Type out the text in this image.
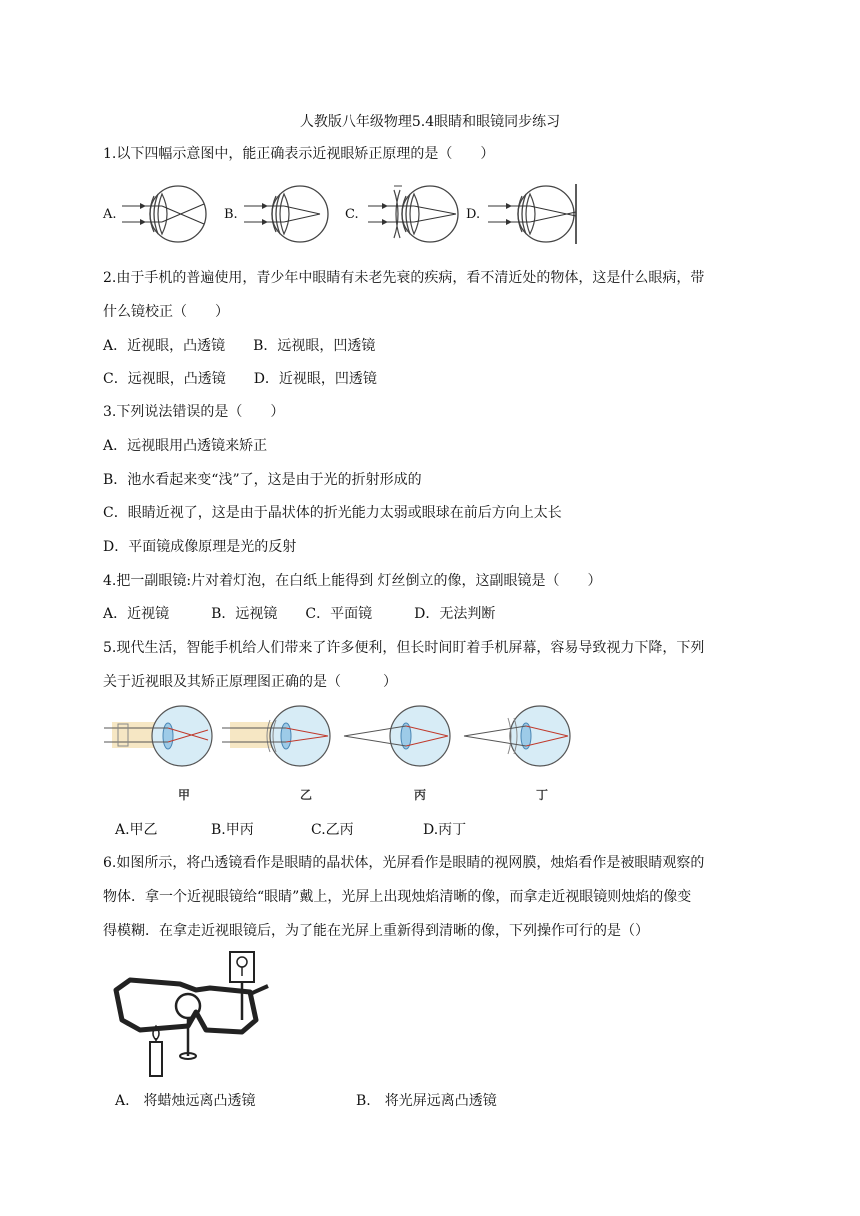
人教版八年级物理5.4眼睛和眼镜同步练习
1.以下四幅示意图中，能正确表示近视眼矫正原理的是（　　）
A.	B.	C.	D.
2.由于手机的普遍使用，青少年中眼睛有未老先衰的疾病，看不清近处的物体，这是什么眼病，带
什么镜校正（　　）
A．近视眼，凸透镜　　B．远视眼，凹透镜
C．远视眼，凸透镜　　D．近视眼，凹透镜
3.下列说法错误的是（　　）
A．远视眼用凸透镜来矫正
B．池水看起来变“浅”了，这是由于光的折射形成的
C．眼睛近视了，这是由于晶状体的折光能力太弱或眼球在前后方向上太长
D．平面镜成像原理是光的反射
4.把一副眼镜:片对着灯泡，在白纸上能得到 灯丝倒立的像，这副眼镜是（　　）
A．近视镜　　　B．远视镜　　C．平面镜　　　D．无法判断
5.现代生活，智能手机给人们带来了许多便利，但长时间盯着手机屏幕，容易导致视力下降，下列
关于近视眼及其矫正原理图正确的是（　　　）
甲	乙	丙	丁
A.甲乙	B.甲丙	C.乙丙	D.丙丁
6.如图所示，将凸透镜看作是眼睛的晶状体，光屏看作是眼睛的视网膜，烛焰看作是被眼睛观察的
物体．拿一个近视眼镜给“眼睛”戴上，光屏上出现烛焰清晰的像，而拿走近视眼镜则烛焰的像变
得模糊．在拿走近视眼镜后，为了能在光屏上重新得到清晰的像，下列操作可行的是（）
A.　将蜡烛远离凸透镜	B.　将光屏远离凸透镜
